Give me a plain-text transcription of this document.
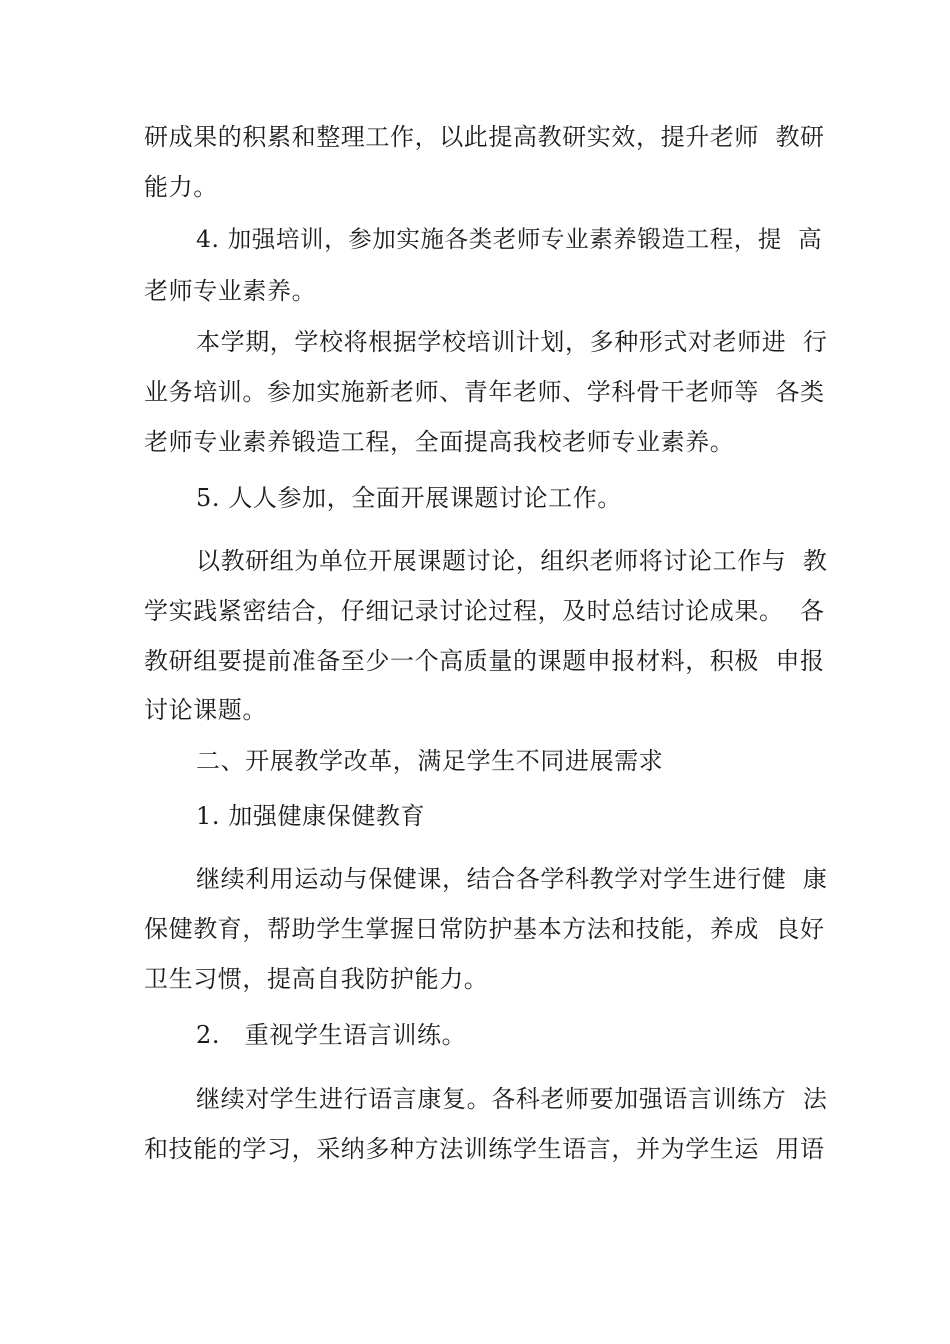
研成果的积累和整理工作，以此提高教研实效，提升老师  教研
能力。
4. 加强培训，参加实施各类老师专业素养锻造工程，提  高
老师专业素养。
本学期，学校将根据学校培训计划，多种形式对老师进  行
业务培训。参加实施新老师、青年老师、学科骨干老师等  各类
老师专业素养锻造工程，全面提高我校老师专业素养。
5. 人人参加，全面开展课题讨论工作。
以教研组为单位开展课题讨论，组织老师将讨论工作与  教
学实践紧密结合，仔细记录讨论过程，及时总结讨论成果。  各
教研组要提前准备至少一个高质量的课题申报材料，积极  申报
讨论课题。
二、开展教学改革，满足学生不同进展需求
1. 加强健康保健教育
继续利用运动与保健课，结合各学科教学对学生进行健  康
保健教育，帮助学生掌握日常防护基本方法和技能，养成  良好
卫生习惯，提高自我防护能力。
2.   重视学生语言训练。
继续对学生进行语言康复。各科老师要加强语言训练方  法
和技能的学习，采纳多种方法训练学生语言，并为学生运  用语
